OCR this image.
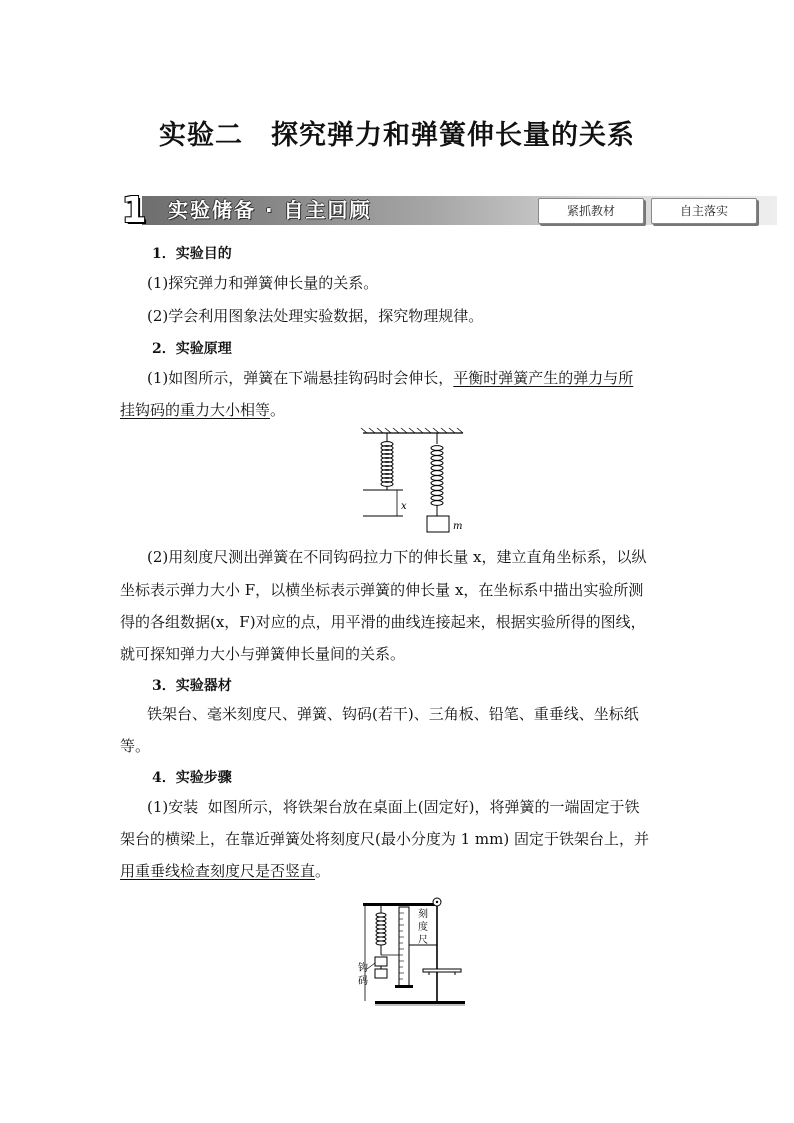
实验二　探究弹力和弹簧伸长量的关系
1 实验储备 · 自主回顾	紧抓教材	自主落实
1．实验目的
(1)探究弹力和弹簧伸长量的关系。
(2)学会利用图象法处理实验数据，探究物理规律。
2．实验原理
(1)如图所示，弹簧在下端悬挂钩码时会伸长，平衡时弹簧产生的弹力与所
挂钩码的重力大小相等。
x
m
(2)用刻度尺测出弹簧在不同钩码拉力下的伸长量 x，建立直角坐标系，以纵
坐标表示弹力大小 F，以横坐标表示弹簧的伸长量 x，在坐标系中描出实验所测
得的各组数据(x，F)对应的点，用平滑的曲线连接起来，根据实验所得的图线，
就可探知弹力大小与弹簧伸长量间的关系。
3．实验器材
铁架台、毫米刻度尺、弹簧、钩码(若干)、三角板、铅笔、重垂线、坐标纸
等。
4．实验步骤
(1)安装  如图所示，将铁架台放在桌面上(固定好)，将弹簧的一端固定于铁
架台的横梁上，在靠近弹簧处将刻度尺(最小分度为 1 mm) 固定于铁架台上，并
用重垂线检查刻度尺是否竖直。
刻
度
尺
钩
码
